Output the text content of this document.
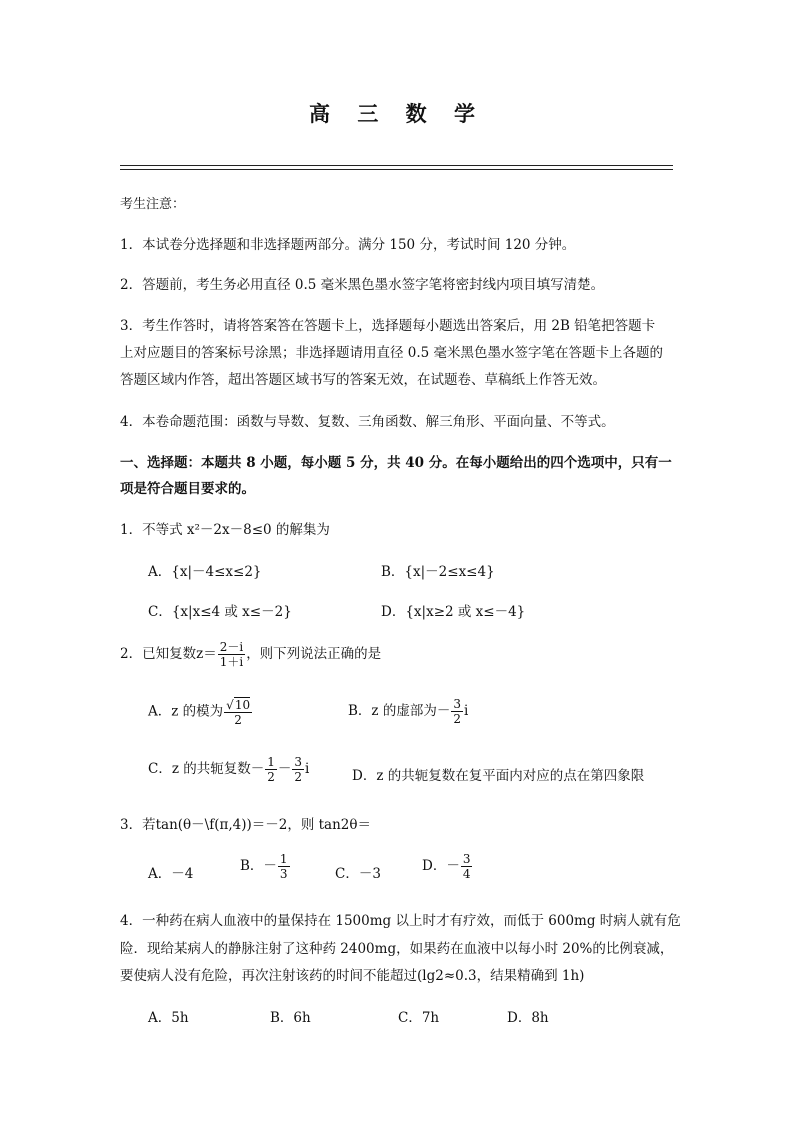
高 三 数 学
考生注意：
1．本试卷分选择题和非选择题两部分。满分 150 分，考试时间 120 分钟。
2．答题前，考生务必用直径 0.5 毫米黑色墨水签字笔将密封线内项目填写清楚。
3．考生作答时，请将答案答在答题卡上，选择题每小题选出答案后，用 2B 铅笔把答题卡
上对应题目的答案标号涂黑；非选择题请用直径 0.5 毫米黑色墨水签字笔在答题卡上各题的
答题区域内作答，超出答题区域书写的答案无效，在试题卷、草稿纸上作答无效。
4．本卷命题范围：函数与导数、复数、三角函数、解三角形、平面向量、不等式。
一、选择题：本题共 8 小题，每小题 5 分，共 40 分。在每小题给出的四个选项中，只有一
项是符合题目要求的。
1．不等式 x²－2x－8≤0 的解集为
A．{x|－4≤x≤2}	B．{x|－2≤x≤4}
C．{x|x≤4 或 x≤－2}	D．{x|x≥2 或 x≤－4}
2．已知复数$z= \frac{2-i}{1+i}$ ，则下列说法正确的是
A．z 的模为 $\frac{√10}{2}$	B．z 的虚部为－ $\frac{3}{2}$ i
C．z 的共轭复数－ $\frac{1}{2} - \frac{3}{2}$ i	D．z 的共轭复数在复平面内对应的点在第四象限
3．若tan(θ－\f(π,4))＝－2，则 tan2θ＝
A．－4	B．－ $\frac{1}{3}$	C．－3	D．－ $\frac{3}{4}$
4．一种药在病人血液中的量保持在 1500mg 以上时才有疗效，而低于 600mg 时病人就有危
险．现给某病人的静脉注射了这种药 2400mg，如果药在血液中以每小时 20%的比例衰减，
要使病人没有危险，再次注射该药的时间不能超过(lg2≈0.3，结果精确到 1h)
A．5h	B．6h	C．7h	D．8h
